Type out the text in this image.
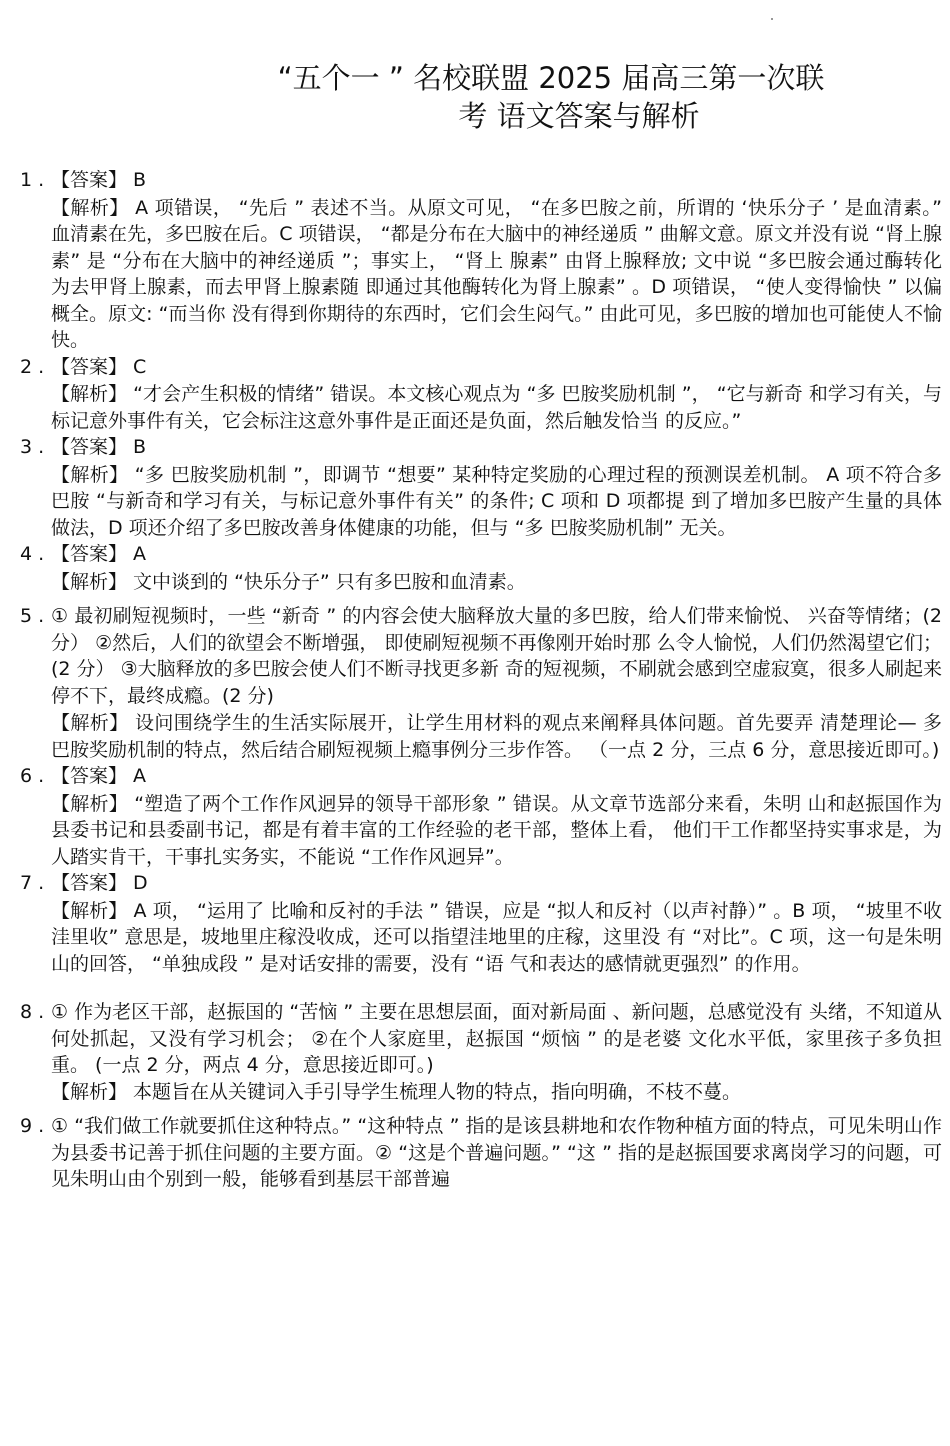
“五个一 ” 名校联盟 2025 届高三第一次联
考 语文答案与解析
1 . 【答案】 B
【解析】 A 项错误， “先后 ” 表述不当。从原文可见， “在多巴胺之前，所谓的 ‘快乐分子 ’ 是血清素。” 血清素在先，多巴胺在后。C 项错误， “都是分布在大脑中的神经递质 ” 曲解文意。原文并没有说 “肾上腺素” 是 “分布在大脑中的神经递质 ”；事实上， “肾上 腺素” 由肾上腺释放; 文中说 “多巴胺会通过酶转化为去甲肾上腺素，而去甲肾上腺素随 即通过其他酶转化为肾上腺素” 。D 项错误， “使人变得愉快 ” 以偏概全。原文: “而当你 没有得到你期待的东西时，它们会生闷气。” 由此可见，多巴胺的增加也可能使人不愉快。
2 . 【答案】 C
【解析】 “才会产生积极的情绪” 错误。本文核心观点为 “多 巴胺奖励机制 ”， “它与新奇 和学习有关，与标记意外事件有关，它会标注这意外事件是正面还是负面，然后触发恰当 的反应。”
3 . 【答案】 B
【解析】 “多 巴胺奖励机制 ”，即调节 “想要” 某种特定奖励的心理过程的预测误差机制。 A 项不符合多巴胺 “与新奇和学习有关，与标记意外事件有关” 的条件; C 项和 D 项都提 到了增加多巴胺产生量的具体做法，D 项还介绍了多巴胺改善身体健康的功能，但与 “多 巴胺奖励机制” 无关。
4 . 【答案】 A
【解析】 文中谈到的 “快乐分子” 只有多巴胺和血清素。
5 . ① 最初刷短视频时，一些 “新奇 ” 的内容会使大脑释放大量的多巴胺，给人们带来愉悦、 兴奋等情绪；(2 分） ②然后，人们的欲望会不断增强， 即使刷短视频不再像刚开始时那 么令人愉悦，人们仍然渴望它们； (2 分） ③大脑释放的多巴胺会使人们不断寻找更多新 奇的短视频，不刷就会感到空虚寂寞，很多人刷起来停不下，最终成瘾。(2 分)
【解析】 设问围绕学生的生活实际展开，让学生用材料的观点来阐释具体问题。首先要弄 清楚理论— 多巴胺奖励机制的特点，然后结合刷短视频上瘾事例分三步作答。 （一点 2 分，三点 6 分，意思接近即可。)
6 . 【答案】 A
【解析】 “塑造了两个工作作风迥异的领导干部形象 ” 错误。从文章节选部分来看，朱明 山和赵振国作为县委书记和县委副书记，都是有着丰富的工作经验的老干部，整体上看， 他们干工作都坚持实事求是，为人踏实肯干，干事扎实务实，不能说 “工作作风迥异”。
7 . 【答案】 D
【解析】 A 项， “运用了 比喻和反衬的手法 ” 错误，应是 “拟人和反衬（以声衬静）” 。B 项， “坡里不收洼里收” 意思是，坡地里庄稼没收成，还可以指望洼地里的庄稼，这里没 有 “对比”。C 项，这一句是朱明山的回答， “单独成段 ” 是对话安排的需要，没有 “语 气和表达的感情就更强烈” 的作用。
8 . ① 作为老区干部，赵振国的 “苦恼 ” 主要在思想层面，面对新局面 、新问题，总感觉没有 头绪，不知道从何处抓起，又没有学习机会； ②在个人家庭里，赵振国 “烦恼 ” 的是老婆 文化水平低，家里孩子多负担重。 (一点 2 分，两点 4 分，意思接近即可。)
【解析】 本题旨在从关键词入手引导学生梳理人物的特点，指向明确，不枝不蔓。
9 . ① “我们做工作就要抓住这种特点。” “这种特点 ” 指的是该县耕地和农作物种植方面的特点，可见朱明山作为县委书记善于抓住问题的主要方面。② “这是个普遍问题。” “这 ” 指的是赵振国要求离岗学习的问题，可见朱明山由个别到一般，能够看到基层干部普遍
